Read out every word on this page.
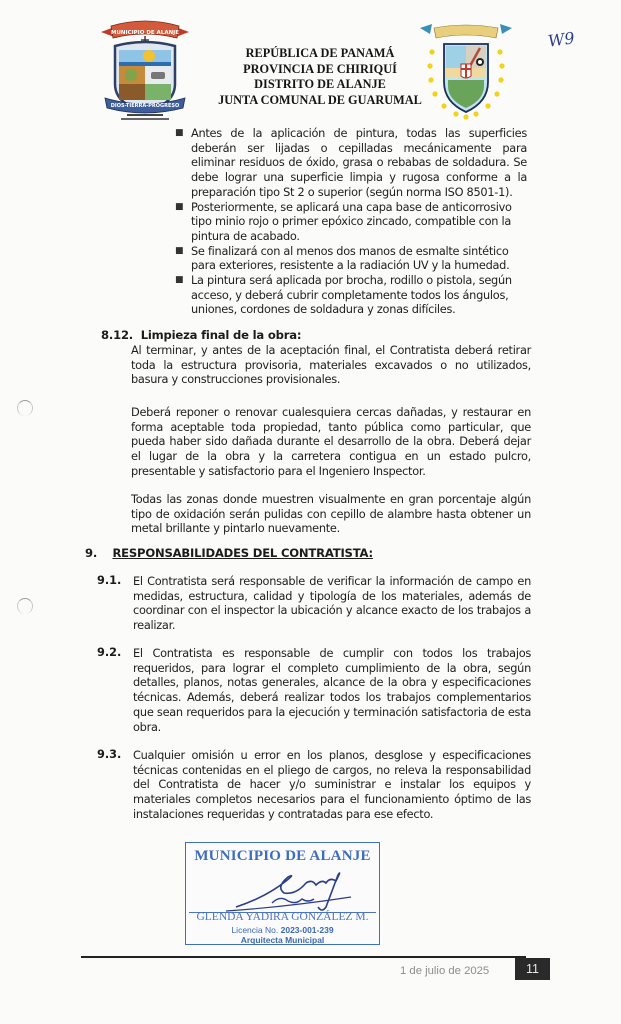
MUNICIPIO DE ALANJE
DIOS-TIERRA-PROGRESO
REPÚBLICA DE PANAMÁ
PROVINCIA DE CHIRIQUÍ
DISTRITO DE ALANJE
JUNTA COMUNAL DE GUARUMAL
W9
■ Antes de la aplicación de pintura, todas las superficies deberán ser lijadas o cepilladas mecánicamente para eliminar residuos de óxido, grasa o rebabas de soldadura. Se debe lograr una superficie limpia y rugosa conforme a la preparación tipo St 2 o superior (según norma ISO 8501-1).
■ Posteriormente, se aplicará una capa base de anticorrosivo tipo minio rojo o primer epóxico zincado, compatible con la pintura de acabado.
■ Se finalizará con al menos dos manos de esmalte sintético para exteriores, resistente a la radiación UV y la humedad.
■ La pintura será aplicada por brocha, rodillo o pistola, según acceso, y deberá cubrir completamente todos los ángulos, uniones, cordones de soldadura y zonas difíciles.
8.12. Limpieza final de la obra:
Al terminar, y antes de la aceptación final, el Contratista deberá retirar toda la estructura provisoria, materiales excavados o no utilizados, basura y construcciones provisionales.
Deberá reponer o renovar cualesquiera cercas dañadas, y restaurar en forma aceptable toda propiedad, tanto pública como particular, que pueda haber sido dañada durante el desarrollo de la obra. Deberá dejar el lugar de la obra y la carretera contigua en un estado pulcro, presentable y satisfactorio para el Ingeniero Inspector.
Todas las zonas donde muestren visualmente en gran porcentaje algún tipo de oxidación serán pulidas con cepillo de alambre hasta obtener un metal brillante y pintarlo nuevamente.
9. RESPONSABILIDADES DEL CONTRATISTA:
9.1. El Contratista será responsable de verificar la información de campo en medidas, estructura, calidad y tipología de los materiales, además de coordinar con el inspector la ubicación y alcance exacto de los trabajos a realizar.
9.2. El Contratista es responsable de cumplir con todos los trabajos requeridos, para lograr el completo cumplimiento de la obra, según detalles, planos, notas generales, alcance de la obra y especificaciones técnicas. Además, deberá realizar todos los trabajos complementarios que sean requeridos para la ejecución y terminación satisfactoria de esta obra.
9.3. Cualquier omisión u error en los planos, desglose y especificaciones técnicas contenidas en el pliego de cargos, no releva la responsabilidad del Contratista de hacer y/o suministrar e instalar los equipos y materiales completos necesarios para el funcionamiento óptimo de las instalaciones requeridas y contratadas para ese efecto.
MUNICIPIO DE ALANJE
GLENDA YADIRA GONZÁLEZ M.
Licencia No. 2023-001-239
Arquitecta Municipal
1 de julio de 2025	11
